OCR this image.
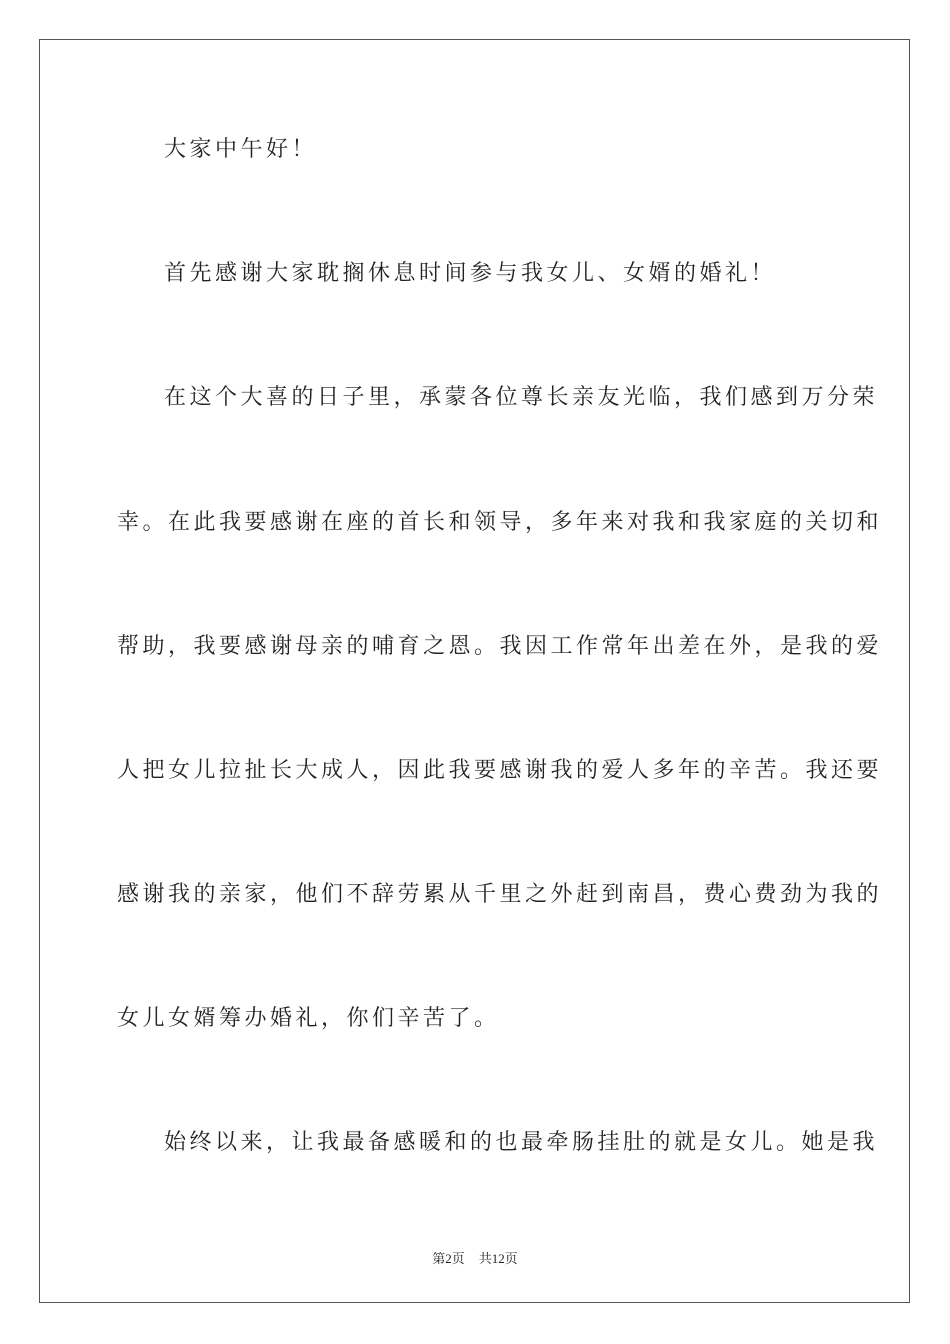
大家中午好！
首先感谢大家耽搁休息时间参与我女儿、女婿的婚礼！
在这个大喜的日子里，承蒙各位尊长亲友光临，我们感到万分荣
幸。在此我要感谢在座的首长和领导，多年来对我和我家庭的关切和
帮助，我要感谢母亲的哺育之恩。我因工作常年出差在外，是我的爱
人把女儿拉扯长大成人，因此我要感谢我的爱人多年的辛苦。我还要
感谢我的亲家，他们不辞劳累从千里之外赶到南昌，费心费劲为我的
女儿女婿筹办婚礼，你们辛苦了。
始终以来，让我最备感暖和的也最牵肠挂肚的就是女儿。她是我
第2页 共12页
